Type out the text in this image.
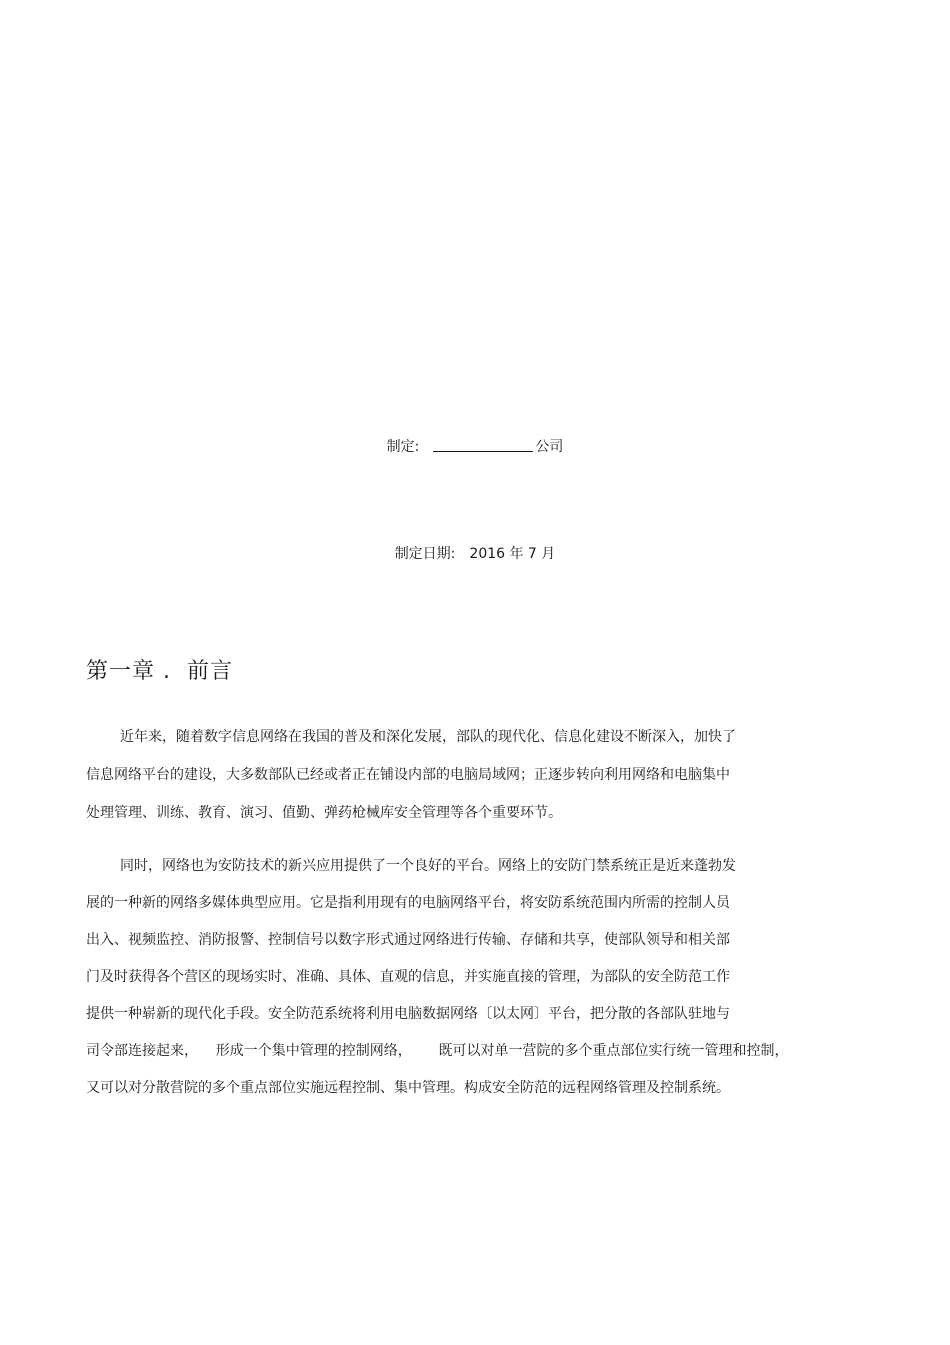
制定:	公司
制定日期: 2016 年 7 月
第一章 .  前言
近年来，随着数字信息网络在我国的普及和深化发展，部队的现代化、信息化建设不断深入，加快了
信息网络平台的建设，大多数部队已经或者正在铺设内部的电脑局域网；正逐步转向利用网络和电脑集中
处理管理、训练、教育、演习、值勤、弹药枪械库安全管理等各个重要环节。
同时，网络也为安防技术的新兴应用提供了一个良好的平台。网络上的安防门禁系统正是近来蓬勃发
展的一种新的网络多媒体典型应用。它是指利用现有的电脑网络平台，将安防系统范围内所需的控制人员
出入、视频监控、消防报警、控制信号以数字形式通过网络进行传输、存储和共享，使部队领导和相关部
门及时获得各个营区的现场实时、准确、具体、直观的信息，并实施直接的管理，为部队的安全防范工作
提供一种崭新的现代化手段。安全防范系统将利用电脑数据网络〔以太网〕平台，把分散的各部队驻地与
司令部连接起来，    形成一个集中管理的控制网络，      既可以对单一营院的多个重点部位实行统一管理和控制，
又可以对分散营院的多个重点部位实施远程控制、集中管理。构成安全防范的远程网络管理及控制系统。
